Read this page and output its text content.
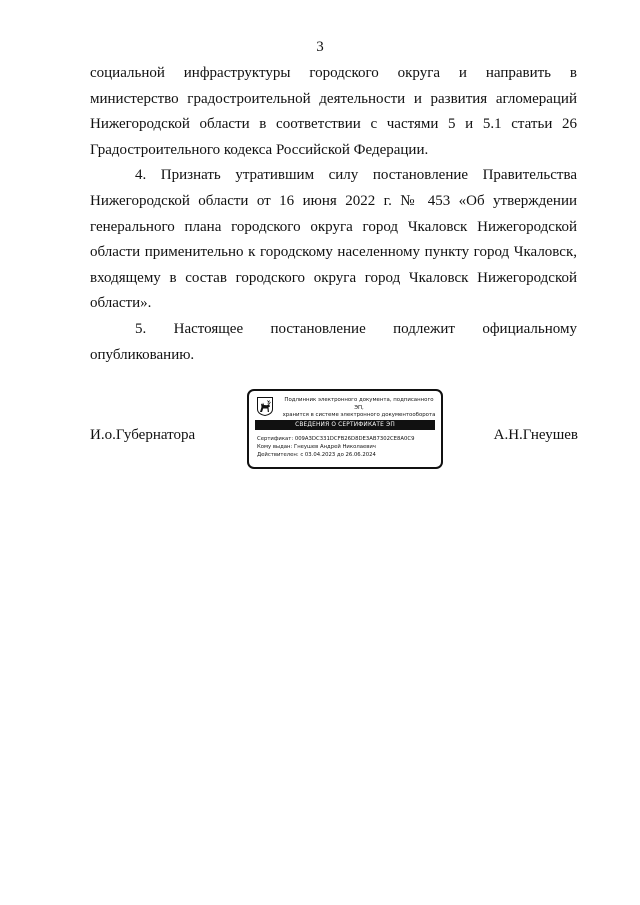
3

социальной инфраструктуры городского округа и направить в министерство градостроительной деятельности и развития агломераций Нижегородской области в соответствии с частями 5 и 5.1 статьи 26 Градостроительного кодекса Российской Федерации.

4. Признать утратившим силу постановление Правительства Нижегородской области от 16 июня 2022 г. № 453 «Об утверждении генерального плана городского округа город Чкаловск Нижегородской области применительно к городскому населенному пункту город Чкаловск, входящему в состав городского округа город Чкаловск Нижегородской области».

5. Настоящее постановление подлежит официальному опубликованию.

И.о.Губернатора	А.Н.Гнеушев
Подлинник электронного документа, подписанного ЭП,
хранится в системе электронного документооборота
СВЕДЕНИЯ О СЕРТИФИКАТЕ ЭП
Сертификат: 009A3DC331DCFB26D8DE3AB7302CE8A0C9
Кому выдан: Гнеушев Андрей Николаевич
Действителен: с 03.04.2023 до 26.06.2024
